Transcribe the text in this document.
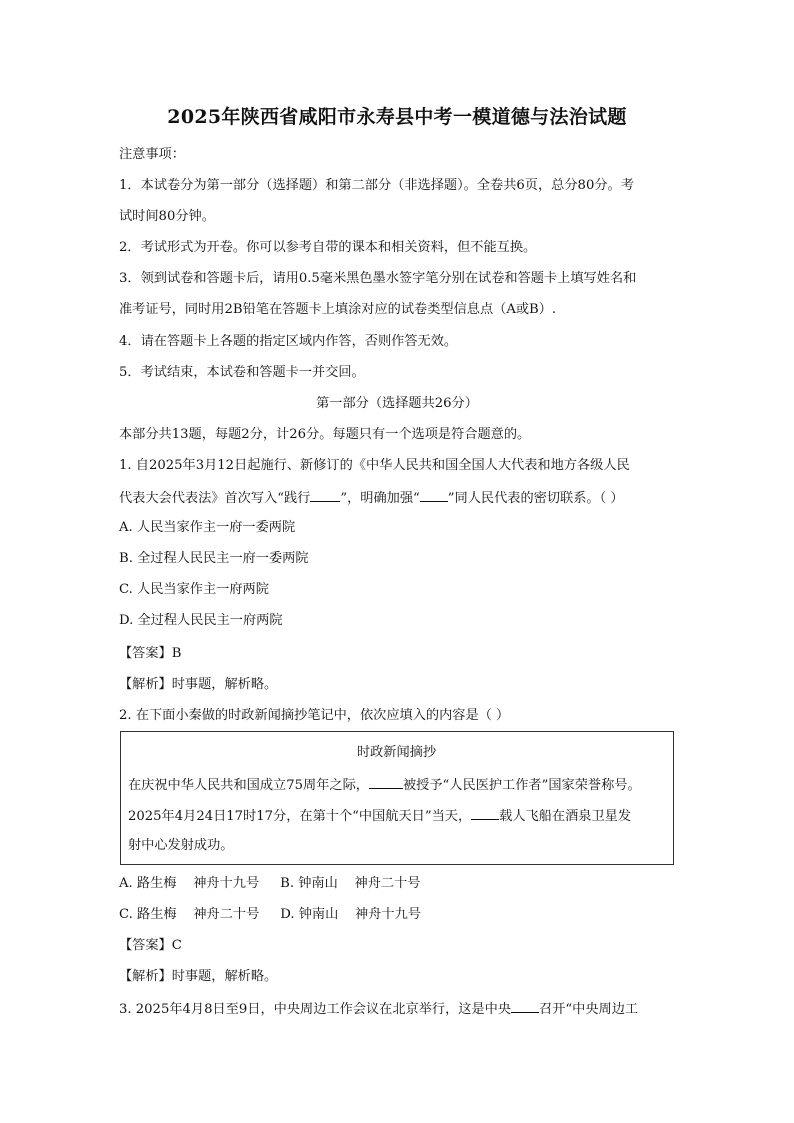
2025年陕西省咸阳市永寿县中考一模道德与法治试题
注意事项：
1．本试卷分为第一部分（选择题）和第二部分（非选择题）。全卷共6页，总分80分。考
试时间80分钟。
2．考试形式为开卷。你可以参考自带的课本和相关资料，但不能互换。
3．领到试卷和答题卡后，请用0.5毫米黑色墨水签字笔分别在试卷和答题卡上填写姓名和
准考证号，同时用2B铅笔在答题卡上填涂对应的试卷类型信息点（A或B）.
4．请在答题卡上各题的指定区域内作答，否则作答无效。
5．考试结束，本试卷和答题卡一并交回。
第一部分（选择题共26分）
本部分共13题，每题2分，计26分。每题只有一个选项是符合题意的。
1. 自2025年3月12日起施行、新修订的《中华人民共和国全国人大代表和地方各级人民
代表大会代表法》首次写入“践行 ”，明确加强“ ”同人民代表的密切联系。（ ）
A. 人民当家作主一府一委两院
B. 全过程人民民主一府一委两院
C. 人民当家作主一府两院
D. 全过程人民民主一府两院
【答案】B
【解析】时事题，解析略。
2. 在下面小秦做的时政新闻摘抄笔记中，依次应填入的内容是（ ）
时政新闻摘抄
在庆祝中华人民共和国成立75周年之际，	被授予“人民医护工作者”国家荣誉称号。
2025年4月24日17时17分，在第十个“中国航天日”当天， 载人飞船在酒泉卫星发
射中心发射成功。
A. 路生梅    神舟十九号     B. 钟南山    神舟二十号
C. 路生梅    神舟二十号     D. 钟南山    神舟十九号
【答案】C
【解析】时事题，解析略。
3. 2025年4月8日至9日，中央周边工作会议在北京举行，这是中央 召开“中央周边工
